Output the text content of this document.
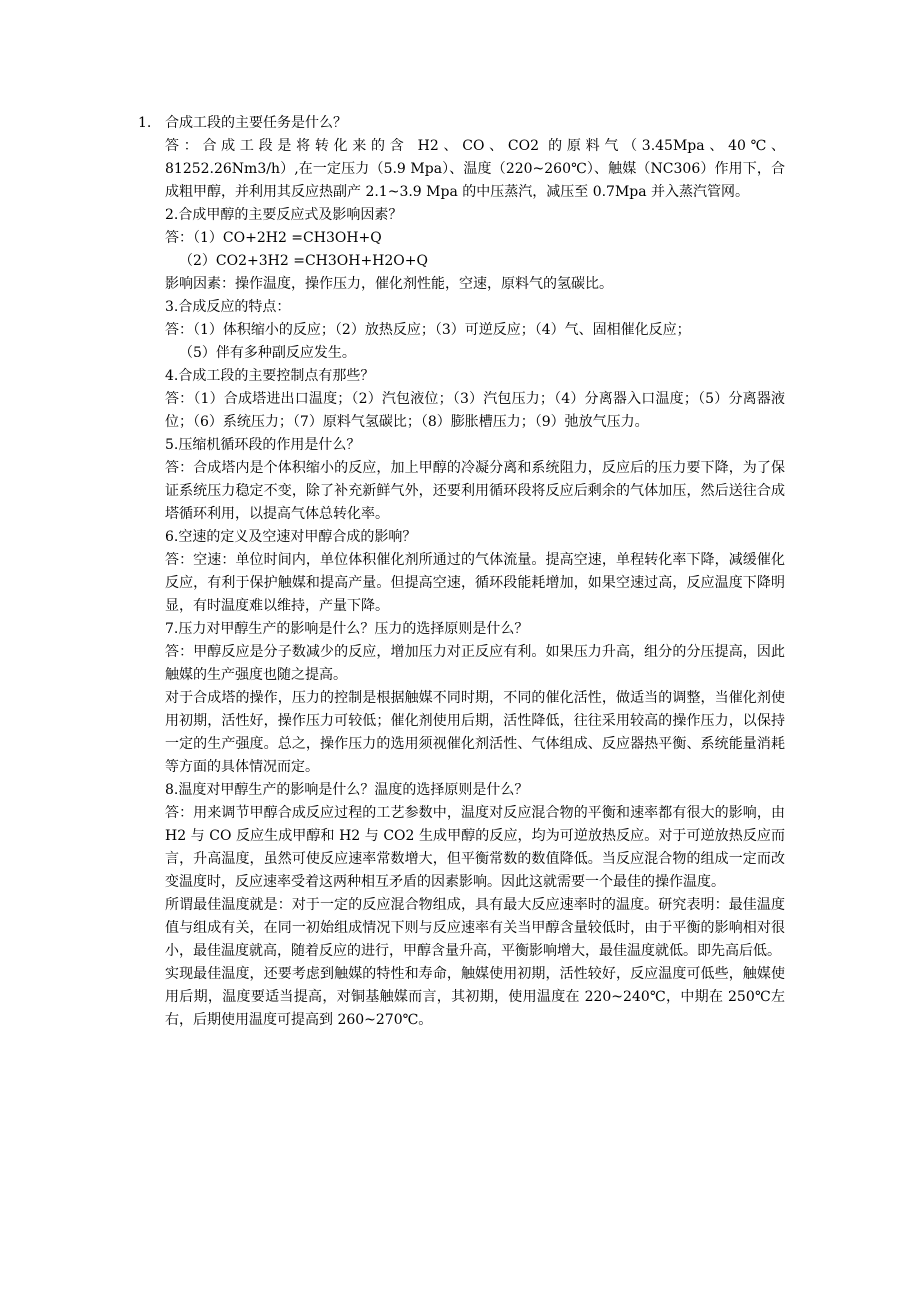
1. 合成工段的主要任务是什么？

答：合成工段是将转化来的含 H2、CO、CO2 的原料气（3.45Mpa、40℃、81252.26Nm3/h）,在一定压力（5.9 Mpa）、温度（220~260℃）、触媒（NC306）作用下，合成粗甲醇，并利用其反应热副产 2.1~3.9 Mpa 的中压蒸汽，减压至 0.7Mpa 并入蒸汽管网。

2.合成甲醇的主要反应式及影响因素？

答：（1）CO+2H2 =CH3OH+Q

（2）CO2+3H2 =CH3OH+H2O+Q

影响因素：操作温度，操作压力，催化剂性能，空速，原料气的氢碳比。

3.合成反应的特点：

答：（1）体积缩小的反应；（2）放热反应；（3）可逆反应；（4）气、固相催化反应；

（5）伴有多种副反应发生。

4.合成工段的主要控制点有那些？

答：（1）合成塔进出口温度；（2）汽包液位；（3）汽包压力；（4）分离器入口温度；（5）分离器液位；（6）系统压力；（7）原料气氢碳比；（8）膨胀槽压力；（9）弛放气压力。

5.压缩机循环段的作用是什么？

答：合成塔内是个体积缩小的反应，加上甲醇的冷凝分离和系统阻力，反应后的压力要下降，为了保证系统压力稳定不变，除了补充新鲜气外，还要利用循环段将反应后剩余的气体加压，然后送往合成塔循环利用，以提高气体总转化率。

6.空速的定义及空速对甲醇合成的影响？

答：空速：单位时间内，单位体积催化剂所通过的气体流量。提高空速，单程转化率下降，减缓催化反应，有利于保护触媒和提高产量。但提高空速，循环段能耗增加，如果空速过高，反应温度下降明显，有时温度难以维持，产量下降。

7.压力对甲醇生产的影响是什么？压力的选择原则是什么？

答：甲醇反应是分子数减少的反应，增加压力对正反应有利。如果压力升高，组分的分压提高，因此触媒的生产强度也随之提高。

对于合成塔的操作，压力的控制是根据触媒不同时期，不同的催化活性，做适当的调整，当催化剂使用初期，活性好，操作压力可较低；催化剂使用后期，活性降低，往往采用较高的操作压力，以保持一定的生产强度。总之，操作压力的选用须视催化剂活性、气体组成、反应器热平衡、系统能量消耗等方面的具体情况而定。

8.温度对甲醇生产的影响是什么？温度的选择原则是什么？

答：用来调节甲醇合成反应过程的工艺参数中，温度对反应混合物的平衡和速率都有很大的影响，由 H2 与 CO 反应生成甲醇和 H2 与 CO2 生成甲醇的反应，均为可逆放热反应。对于可逆放热反应而言，升高温度，虽然可使反应速率常数增大，但平衡常数的数值降低。当反应混合物的组成一定而改变温度时，反应速率受着这两种相互矛盾的因素影响。因此这就需要一个最佳的操作温度。

所谓最佳温度就是：对于一定的反应混合物组成，具有最大反应速率时的温度。研究表明：最佳温度值与组成有关，在同一初始组成情况下则与反应速率有关当甲醇含量较低时，由于平衡的影响相对很小，最佳温度就高，随着反应的进行，甲醇含量升高，平衡影响增大，最佳温度就低。即先高后低。

实现最佳温度，还要考虑到触媒的特性和寿命，触媒使用初期，活性较好，反应温度可低些，触媒使用后期，温度要适当提高，对铜基触媒而言，其初期，使用温度在 220~240℃，中期在 250℃左右，后期使用温度可提高到 260~270℃。
